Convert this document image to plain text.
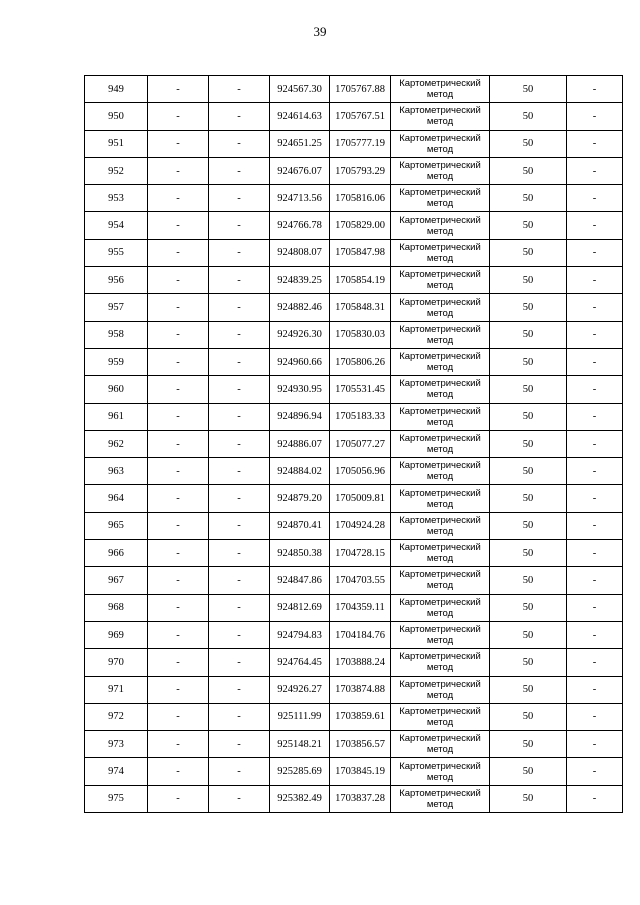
39
949	-	-	924567.30	1705767.88	Картометрический метод	50	-
950	-	-	924614.63	1705767.51	Картометрический метод	50	-
951	-	-	924651.25	1705777.19	Картометрический метод	50	-
952	-	-	924676.07	1705793.29	Картометрический метод	50	-
953	-	-	924713.56	1705816.06	Картометрический метод	50	-
954	-	-	924766.78	1705829.00	Картометрический метод	50	-
955	-	-	924808.07	1705847.98	Картометрический метод	50	-
956	-	-	924839.25	1705854.19	Картометрический метод	50	-
957	-	-	924882.46	1705848.31	Картометрический метод	50	-
958	-	-	924926.30	1705830.03	Картометрический метод	50	-
959	-	-	924960.66	1705806.26	Картометрический метод	50	-
960	-	-	924930.95	1705531.45	Картометрический метод	50	-
961	-	-	924896.94	1705183.33	Картометрический метод	50	-
962	-	-	924886.07	1705077.27	Картометрический метод	50	-
963	-	-	924884.02	1705056.96	Картометрический метод	50	-
964	-	-	924879.20	1705009.81	Картометрический метод	50	-
965	-	-	924870.41	1704924.28	Картометрический метод	50	-
966	-	-	924850.38	1704728.15	Картометрический метод	50	-
967	-	-	924847.86	1704703.55	Картометрический метод	50	-
968	-	-	924812.69	1704359.11	Картометрический метод	50	-
969	-	-	924794.83	1704184.76	Картометрический метод	50	-
970	-	-	924764.45	1703888.24	Картометрический метод	50	-
971	-	-	924926.27	1703874.88	Картометрический метод	50	-
972	-	-	925111.99	1703859.61	Картометрический метод	50	-
973	-	-	925148.21	1703856.57	Картометрический метод	50	-
974	-	-	925285.69	1703845.19	Картометрический метод	50	-
975	-	-	925382.49	1703837.28	Картометрический метод	50	-
